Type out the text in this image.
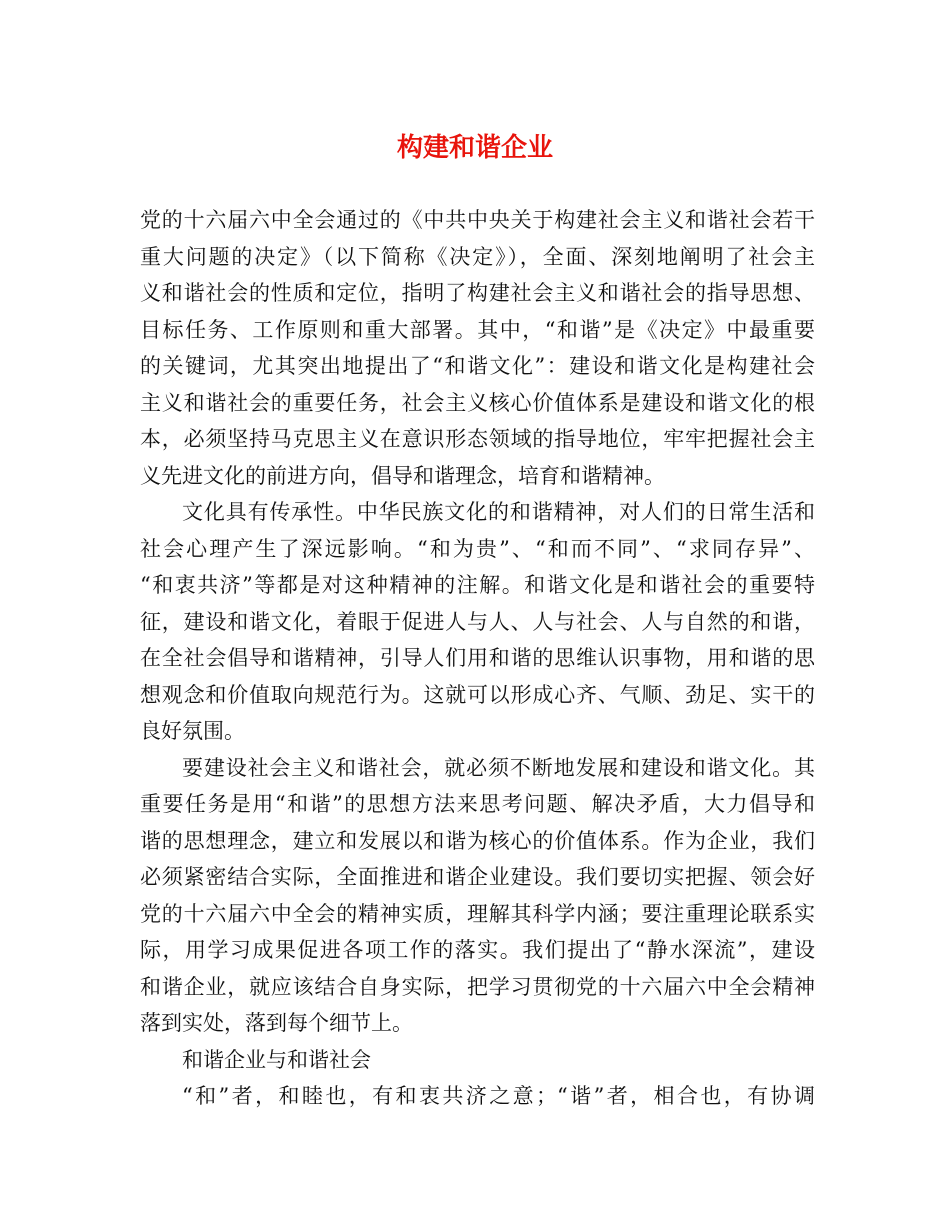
构建和谐企业
党的十六届六中全会通过的《中共中央关于构建社会主义和谐社会若干
重大问题的决定》（以下简称《决定》），全面、深刻地阐明了社会主
义和谐社会的性质和定位，指明了构建社会主义和谐社会的指导思想、
目标任务、工作原则和重大部署。其中，“和谐”是《决定》中最重要
的关键词，尤其突出地提出了“和谐文化”：建设和谐文化是构建社会
主义和谐社会的重要任务，社会主义核心价值体系是建设和谐文化的根
本，必须坚持马克思主义在意识形态领域的指导地位，牢牢把握社会主
义先进文化的前进方向，倡导和谐理念，培育和谐精神。
文化具有传承性。中华民族文化的和谐精神，对人们的日常生活和
社会心理产生了深远影响。“和为贵”、“和而不同”、“求同存异”、
“和衷共济”等都是对这种精神的注解。和谐文化是和谐社会的重要特
征，建设和谐文化，着眼于促进人与人、人与社会、人与自然的和谐，
在全社会倡导和谐精神，引导人们用和谐的思维认识事物，用和谐的思
想观念和价值取向规范行为。这就可以形成心齐、气顺、劲足、实干的
良好氛围。
要建设社会主义和谐社会，就必须不断地发展和建设和谐文化。其
重要任务是用“和谐”的思想方法来思考问题、解决矛盾，大力倡导和
谐的思想理念，建立和发展以和谐为核心的价值体系。作为企业，我们
必须紧密结合实际，全面推进和谐企业建设。我们要切实把握、领会好
党的十六届六中全会的精神实质，理解其科学内涵；要注重理论联系实
际，用学习成果促进各项工作的落实。我们提出了“静水深流”，建设
和谐企业，就应该结合自身实际，把学习贯彻党的十六届六中全会精神
落到实处，落到每个细节上。
和谐企业与和谐社会
“和”者，和睦也，有和衷共济之意；“谐”者，相合也，有协调
